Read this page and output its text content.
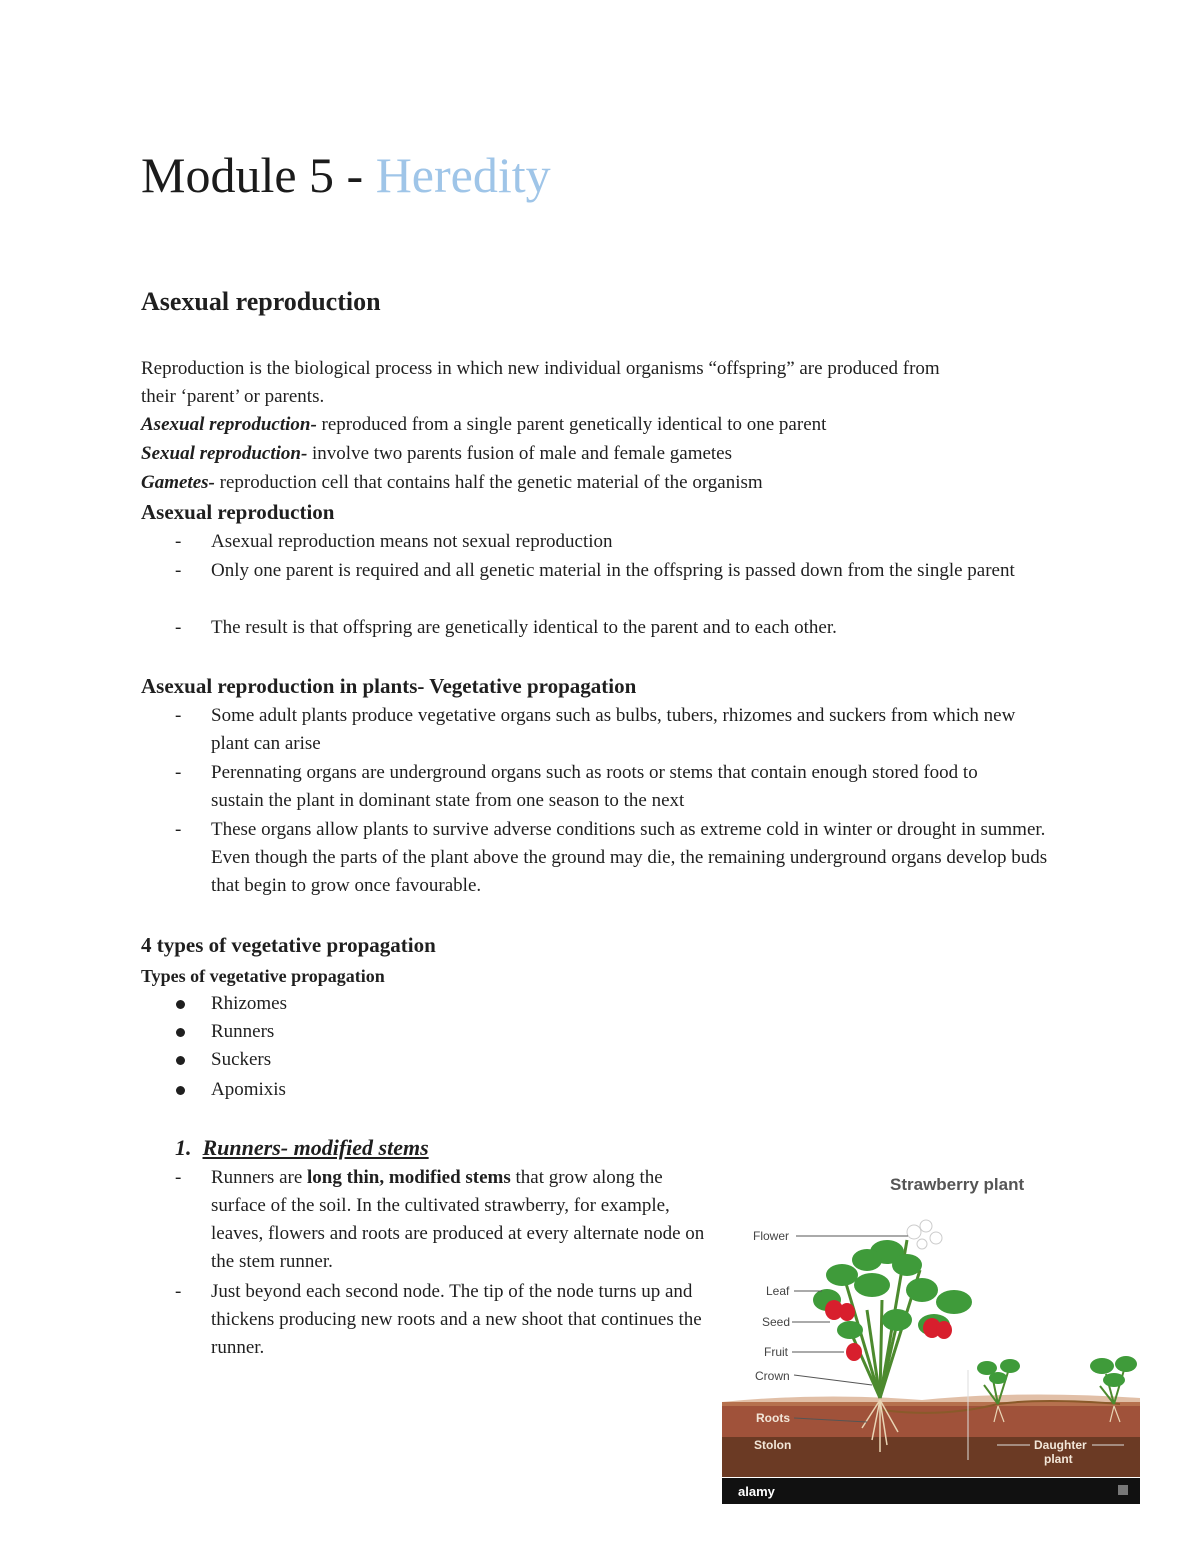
Module 5 - Heredity
Asexual reproduction
Reproduction is the biological process in which new individual organisms “offspring” are produced from
their ‘parent’ or parents.
Asexual reproduction- reproduced from a single parent genetically identical to one parent
Sexual reproduction- involve two parents fusion of male and female gametes
Gametes- reproduction cell that contains half the genetic material of the organism
Asexual reproduction
- Asexual reproduction means not sexual reproduction
- Only one parent is required and all genetic material in the offspring is passed down from the single parent
- The result is that offspring are genetically identical to the parent and to each other.
Asexual reproduction in plants- Vegetative propagation
- Some adult plants produce vegetative organs such as bulbs, tubers, rhizomes and suckers from which new plant can arise
- Perennating organs are underground organs such as roots or stems that contain enough stored food to sustain the plant in dominant state from one season to the next
- These organs allow plants to survive adverse conditions such as extreme cold in winter or drought in summer. Even though the parts of the plant above the ground may die, the remaining underground organs develop buds that begin to grow once favourable.
4 types of vegetative propagation
Types of vegetative propagation
Rhizomes
Runners
Suckers
Apomixis
1. Runners- modified stems
- Runners are long thin, modified stems that grow along the surface of the soil. In the cultivated strawberry, for example, leaves, flowers and roots are produced at every alternate node on the stem runner.
- Just beyond each second node. The tip of the node turns up and thickens producing new roots and a new shoot that continues the runner.
Strawberry plant
alamy
Flower
Leaf
Seed
Fruit
Crown
Roots
Stolon	Daughter
plant
